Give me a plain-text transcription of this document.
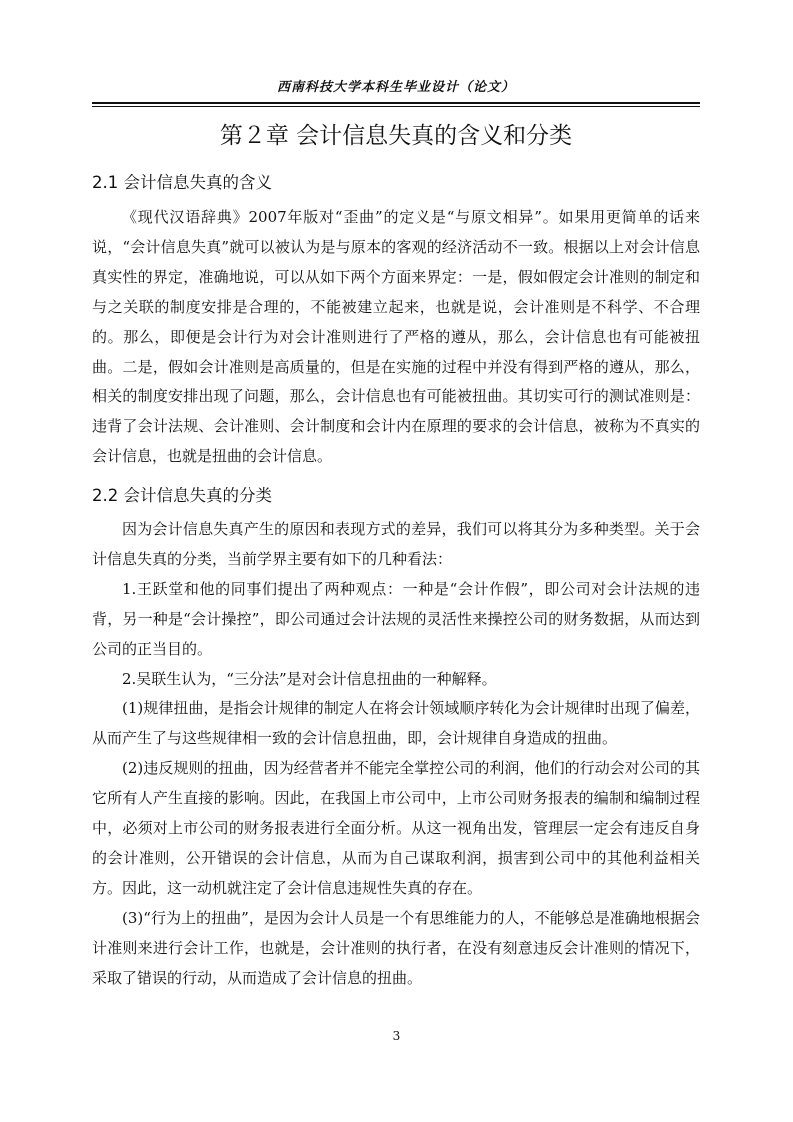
西南科技大学本科生毕业设计（论文）
第２章 会计信息失真的含义和分类
2.1 会计信息失真的含义

《现代汉语辞典》2007年版对“歪曲”的定义是“与原文相异”。如果用更简单的话来说，“会计信息失真”就可以被认为是与原本的客观的经济活动不一致。根据以上对会计信息真实性的界定，准确地说，可以从如下两个方面来界定：一是，假如假定会计准则的制定和与之关联的制度安排是合理的，不能被建立起来，也就是说，会计准则是不科学、不合理的。那么，即便是会计行为对会计准则进行了严格的遵从，那么，会计信息也有可能被扭曲。二是，假如会计准则是高质量的，但是在实施的过程中并没有得到严格的遵从，那么，相关的制度安排出现了问题，那么，会计信息也有可能被扭曲。其切实可行的测试准则是：违背了会计法规、会计准则、会计制度和会计内在原理的要求的会计信息，被称为不真实的会计信息，也就是扭曲的会计信息。

2.2 会计信息失真的分类

因为会计信息失真产生的原因和表现方式的差异，我们可以将其分为多种类型。关于会计信息失真的分类，当前学界主要有如下的几种看法：

1.王跃堂和他的同事们提出了两种观点：一种是“会计作假”，即公司对会计法规的违背，另一种是“会计操控”，即公司通过会计法规的灵活性来操控公司的财务数据，从而达到公司的正当目的。

2.吴联生认为，“三分法”是对会计信息扭曲的一种解释。

(1)规律扭曲，是指会计规律的制定人在将会计领域顺序转化为会计规律时出现了偏差，从而产生了与这些规律相一致的会计信息扭曲，即，会计规律自身造成的扭曲。

(2)违反规则的扭曲，因为经营者并不能完全掌控公司的利润，他们的行动会对公司的其它所有人产生直接的影响。因此，在我国上市公司中，上市公司财务报表的编制和编制过程中，必须对上市公司的财务报表进行全面分析。从这一视角出发，管理层一定会有违反自身的会计准则，公开错误的会计信息，从而为自己谋取利润，损害到公司中的其他利益相关方。因此，这一动机就注定了会计信息违规性失真的存在。

(3)“行为上的扭曲”，是因为会计人员是一个有思维能力的人，不能够总是准确地根据会计准则来进行会计工作，也就是，会计准则的执行者，在没有刻意违反会计准则的情况下，采取了错误的行动，从而造成了会计信息的扭曲。

3
